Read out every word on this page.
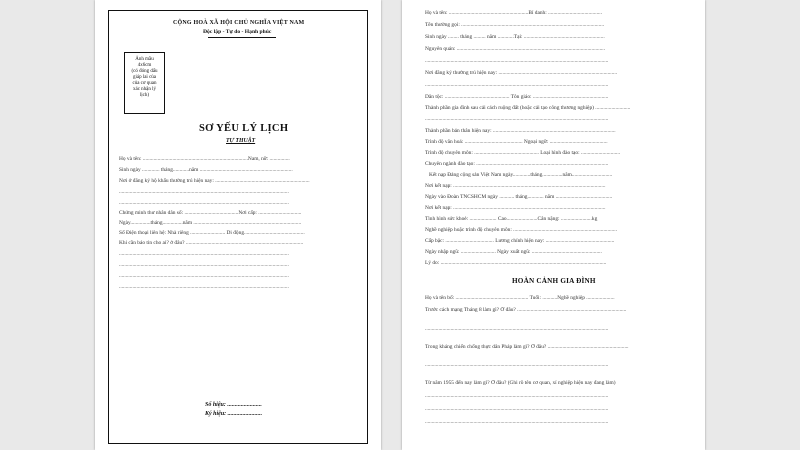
CỘNG HOÀ XÃ HỘI CHỦ NGHĨA VIỆT NAM
Độc lập - Tự do - Hạnh phúc
Ảnh mầu
4x6cm
(có đóng dấu
giáp lai của
của cơ quan
xác nhận lý
lịch)
SƠ YẾU LÝ LỊCH
TỰ THUẬT
Họ và tên: ..............................................................................Nam, nữ: ...............
Sinh ngày ............. tháng............năm .....................................................................
Nơi ở đăng ký hộ khẩu thường trú hiện nay: ......................................................................
..............................................................................................................................
..............................................................................................................................
Chứng minh thư nhân dân số: ........................................Nơi cấp: ................................
Ngày...............tháng...............năm ................................................................................
Số Điện thoại liên hệ: Nhà riêng .......................... Di động.............................................
Khi cần báo tin cho ai? ở đâu? .......................................................................................
..............................................................................................................................
..............................................................................................................................
..............................................................................................................................
..............................................................................................................................
Số hiệu: .......................
Ký hiệu: .......................
Họ và tên: ...........................................................Bí danh: ........................................
Tên thường gọi: ..........................................................................................................
Sinh ngày ........ tháng ......... năm ............Tại: ............................................................
Nguyên quán: ..............................................................................................................
........................................................................................................................................
Nơi đăng ký thường trú hiện nay: ........................................................................................
........................................................................................................................................
Dân tộc: ................................................ Tôn giáo: ........................................................
Thành phần gia đình sau cải cách ruộng đất (hoặc cải tạo công thương nghiệp) ..........................
........................................................................................................................................
Thành phần bản thân hiện nay: ...........................................................................................
Trình độ văn hoá: ........................................... Ngoại ngữ: ...........................................
Trình độ chuyên môn: ................................................ Loại hình đào tạo: .............................
Chuyên ngành đào tạo: ..................................................................................................
Kết nạp Đảng cộng sản Việt Nam ngày.............tháng...............năm..............................
Nơi kết nạp: .................................................................................................................
Ngày vào Đoàn TNCSHCM ngày ........... tháng............ năm ..........................................
Nơi kết nạp: .................................................................................................................
Tình hình sức khoẻ: .................... Cao.......................Cân nặng: .......................kg
Nghề nghiệp hoặc trình độ chuyên môn: .............................................................................
Cấp bậc: .................................... Lương chính hiện nay: ...................................................
Ngày nhập ngũ: .......................... Ngày xuất ngũ: ....................................................
Lý do: ...........................................................................................................................
HOÀN CẢNH GIA ĐÌNH
Họ và tên bố: ...................................................... Tuổi: ...........Nghề nghiệp .....................
Trước cách mạng Tháng 8 làm gì? Ở đâu? .................................................................................
........................................................................................................................................
Trong kháng chiến chống thực dân Pháp làm gì? Ở đâu? ............................................................
........................................................................................................................................
Từ năm 1955 đến nay làm gì? Ở đâu? (Ghi rõ tên cơ quan, xí nghiệp hiện nay đang làm)
........................................................................................................................................
........................................................................................................................................
........................................................................................................................................
